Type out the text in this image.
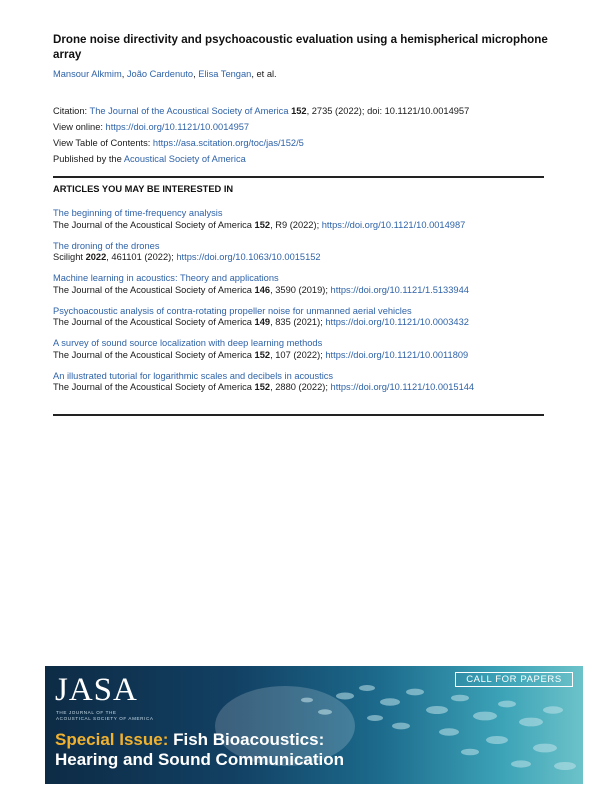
Drone noise directivity and psychoacoustic evaluation using a hemispherical microphone array
Mansour Alkmim, João Cardenuto, Elisa Tengan, et al.
Citation: The Journal of the Acoustical Society of America 152, 2735 (2022); doi: 10.1121/10.0014957
View online: https://doi.org/10.1121/10.0014957
View Table of Contents: https://asa.scitation.org/toc/jas/152/5
Published by the Acoustical Society of America
ARTICLES YOU MAY BE INTERESTED IN
The beginning of time-frequency analysis
The Journal of the Acoustical Society of America 152, R9 (2022); https://doi.org/10.1121/10.0014987
The droning of the drones
Scilight 2022, 461101 (2022); https://doi.org/10.1063/10.0015152
Machine learning in acoustics: Theory and applications
The Journal of the Acoustical Society of America 146, 3590 (2019); https://doi.org/10.1121/1.5133944
Psychoacoustic analysis of contra-rotating propeller noise for unmanned aerial vehicles
The Journal of the Acoustical Society of America 149, 835 (2021); https://doi.org/10.1121/10.0003432
A survey of sound source localization with deep learning methods
The Journal of the Acoustical Society of America 152, 107 (2022); https://doi.org/10.1121/10.0011809
An illustrated tutorial for logarithmic scales and decibels in acoustics
The Journal of the Acoustical Society of America 152, 2880 (2022); https://doi.org/10.1121/10.0015144
JASA
THE JOURNAL OF THE
ACOUSTICAL SOCIETY OF AMERICA
CALL FOR PAPERS
Special Issue: Fish Bioacoustics:
Hearing and Sound Communication
